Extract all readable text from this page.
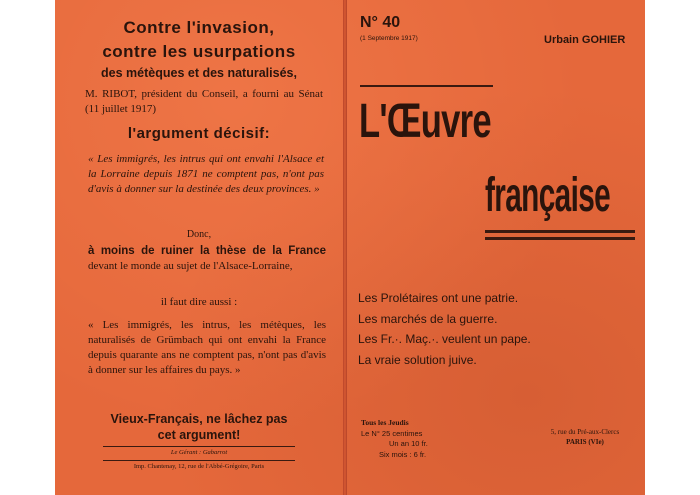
Contre l'invasion,

contre les usurpations

des métèques et des naturalisés,

M. RIBOT, président du Conseil, a fourni au Sénat (11 juillet 1917)

l'argument décisif:

« Les immigrés, les intrus qui ont envahi l'Alsace et la Lorraine depuis 1871 ne comptent pas, n'ont pas d'avis à donner sur la destinée des deux provinces. »

Donc,

à moins de ruiner la thèse de la France devant le monde au sujet de l'Alsace-Lorraine,

il faut dire aussi :

« Les immigrés, les intrus, les métèques, les naturalisés de Grümbach qui ont envahi la France depuis quarante ans ne comptent pas, n'ont pas d'avis à donner sur les affaires du pays. »

Vieux-Français, ne lâchez pas

cet argument!

Le Gérant : Gabarrot

Imp. Chantenay, 12, rue de l'Abbé-Grégoire, Paris

N° 40

(1 Septembre 1917)	Urbain GOHIER

L'Œuvre

française

Les Prolétaires ont une patrie.
Les marchés de la guerre.
Les Fr.·. Maç.·. veulent un pape.
La vraie solution juive.
Tous les Jeudis
Le N° 25 centimes
Un an 10 fr.
Six mois : 6 fr.
5, rue du Pré-aux-Clercs
PARIS (VIe)
